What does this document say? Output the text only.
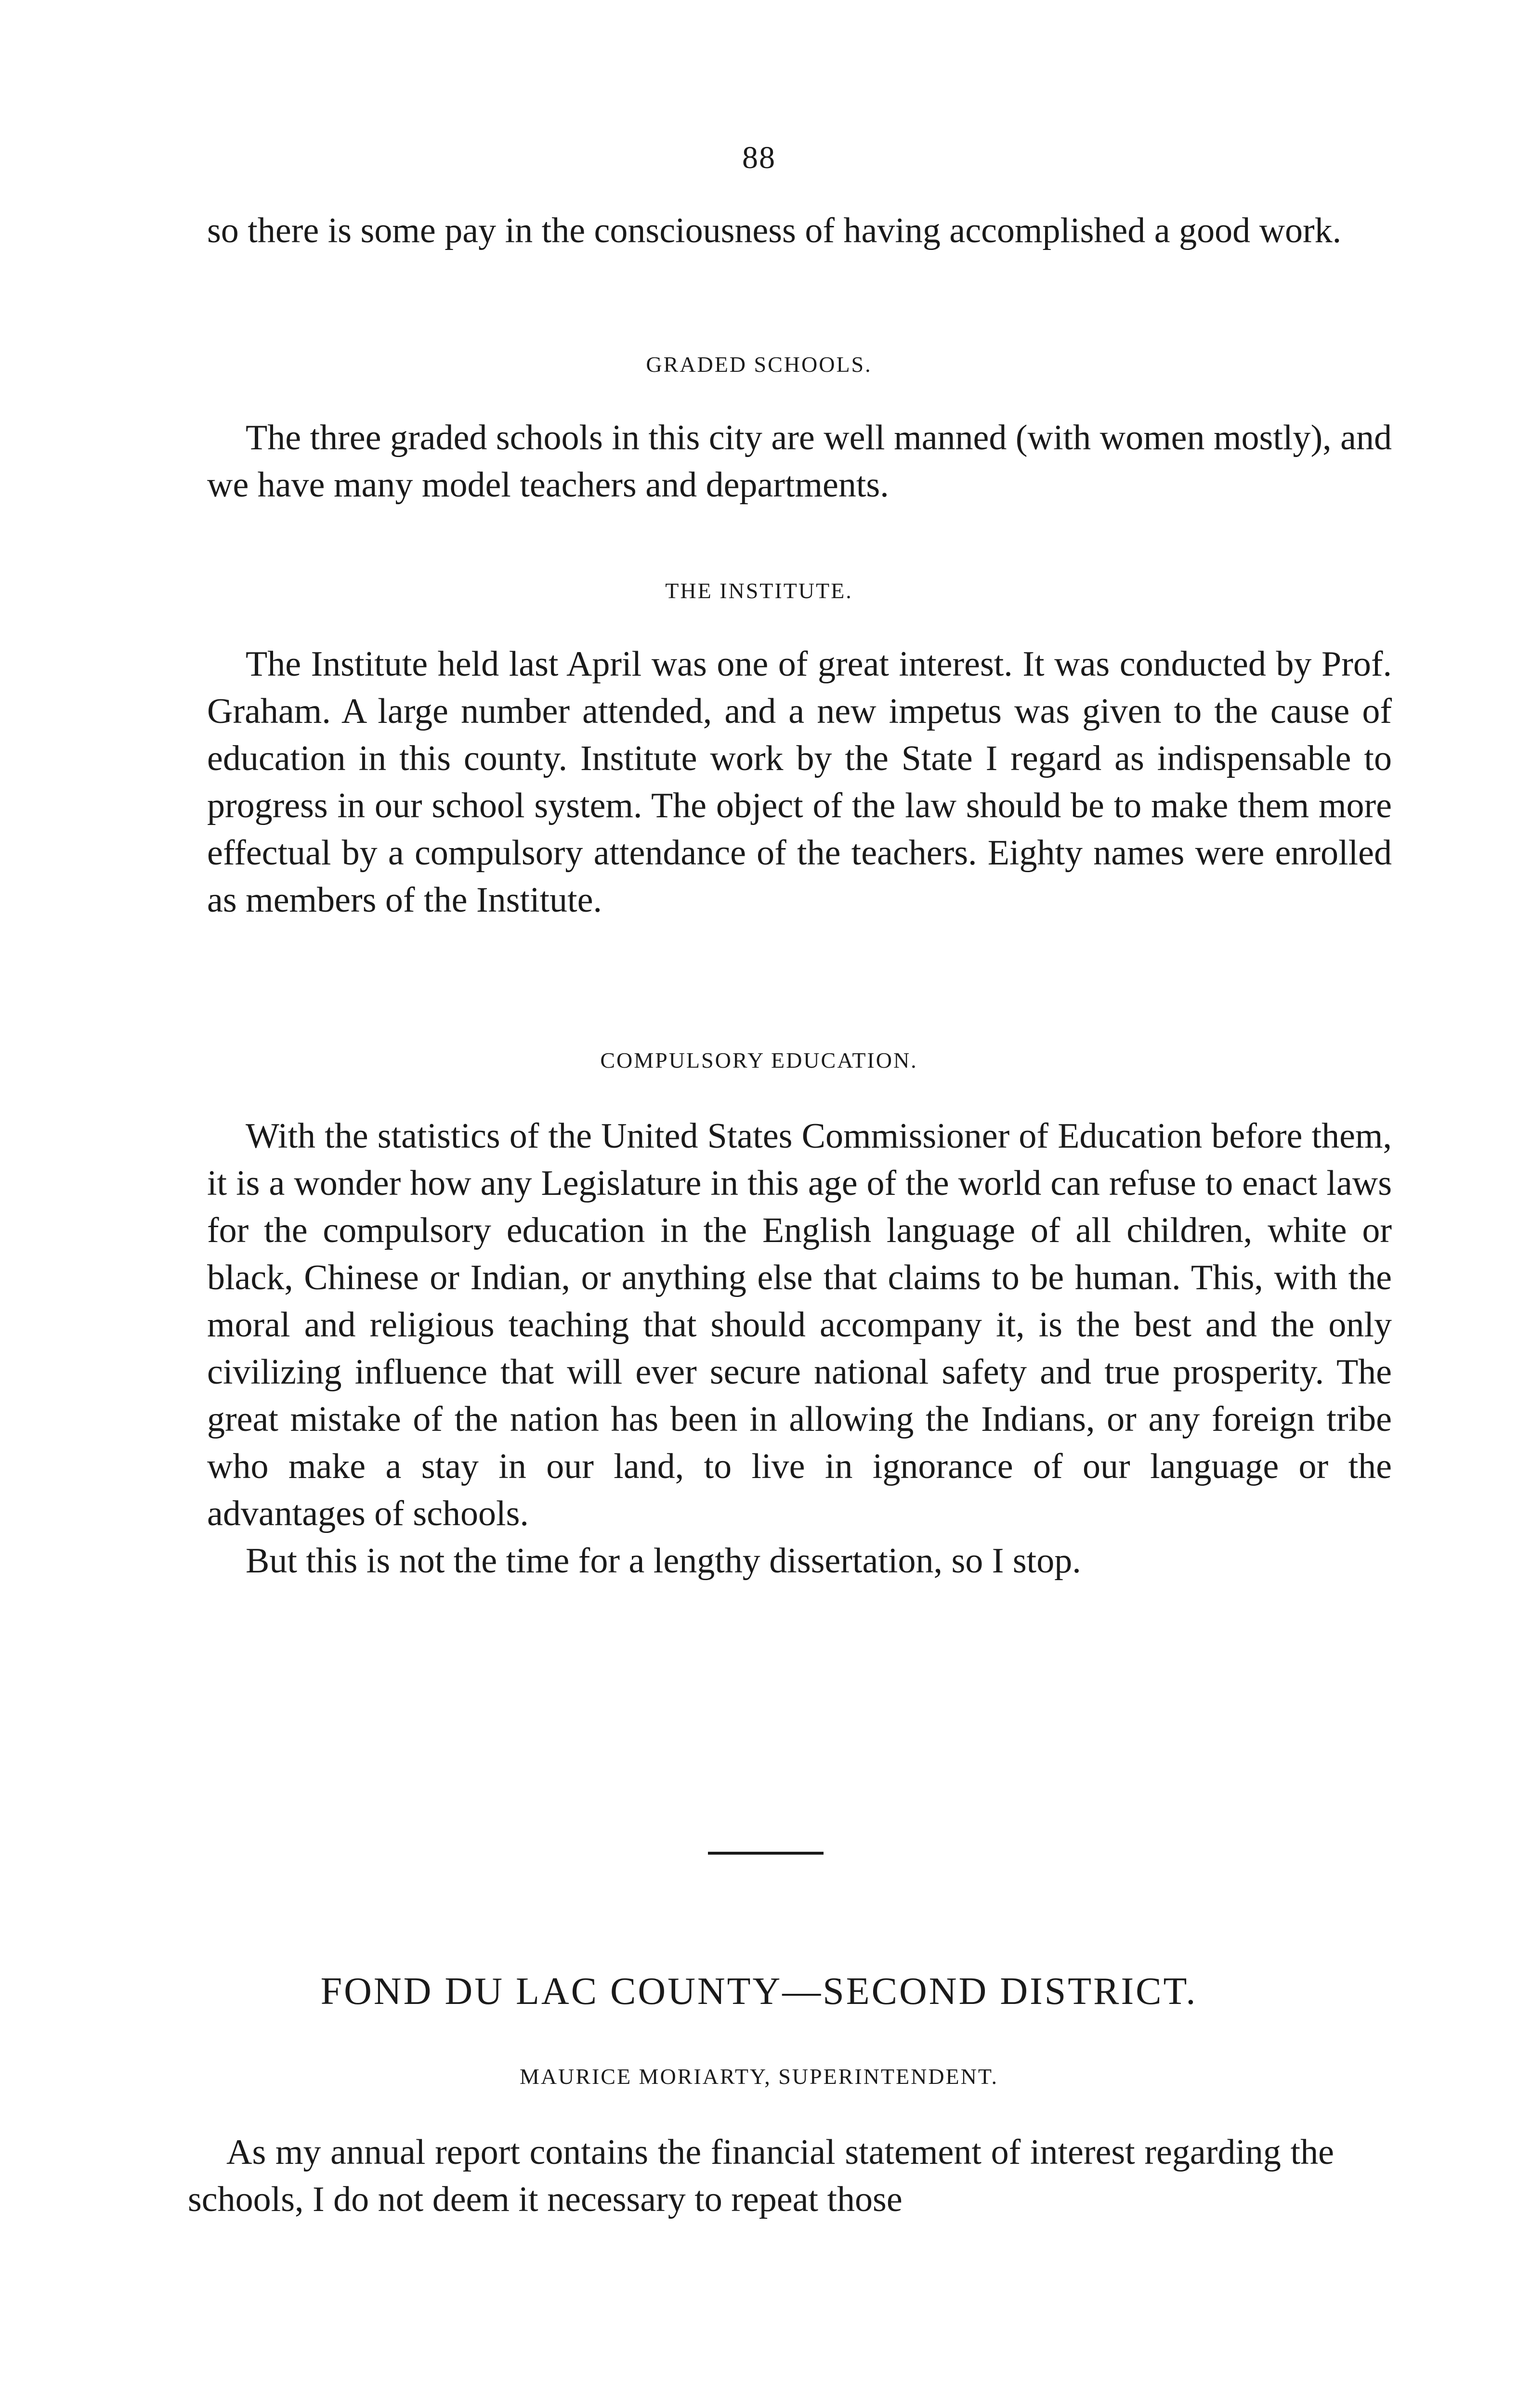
88

so there is some pay in the consciousness of having accomplished a good work.

GRADED SCHOOLS.

The three graded schools in this city are well manned (with women mostly), and we have many model teachers and departments.

THE INSTITUTE.

The Institute held last April was one of great interest. It was conducted by Prof. Graham. A large number attended, and a new impetus was given to the cause of education in this county. Institute work by the State I regard as indispensable to progress in our school system. The object of the law should be to make them more effectual by a compulsory attendance of the teachers. Eighty names were enrolled as members of the Institute.

COMPULSORY EDUCATION.

With the statistics of the United States Commissioner of Education before them, it is a wonder how any Legislature in this age of the world can refuse to enact laws for the compulsory education in the English language of all children, white or black, Chinese or Indian, or anything else that claims to be human. This, with the moral and religious teaching that should accompany it, is the best and the only civilizing influence that will ever secure national safety and true prosperity. The great mistake of the nation has been in allowing the Indians, or any foreign tribe who make a stay in our land, to live in ignorance of our language or the advantages of schools.

But this is not the time for a lengthy dissertation, so I stop.

FOND DU LAC COUNTY—SECOND DISTRICT.
MAURICE MORIARTY, SUPERINTENDENT.

As my annual report contains the financial statement of interest regarding the schools, I do not deem it necessary to repeat those
